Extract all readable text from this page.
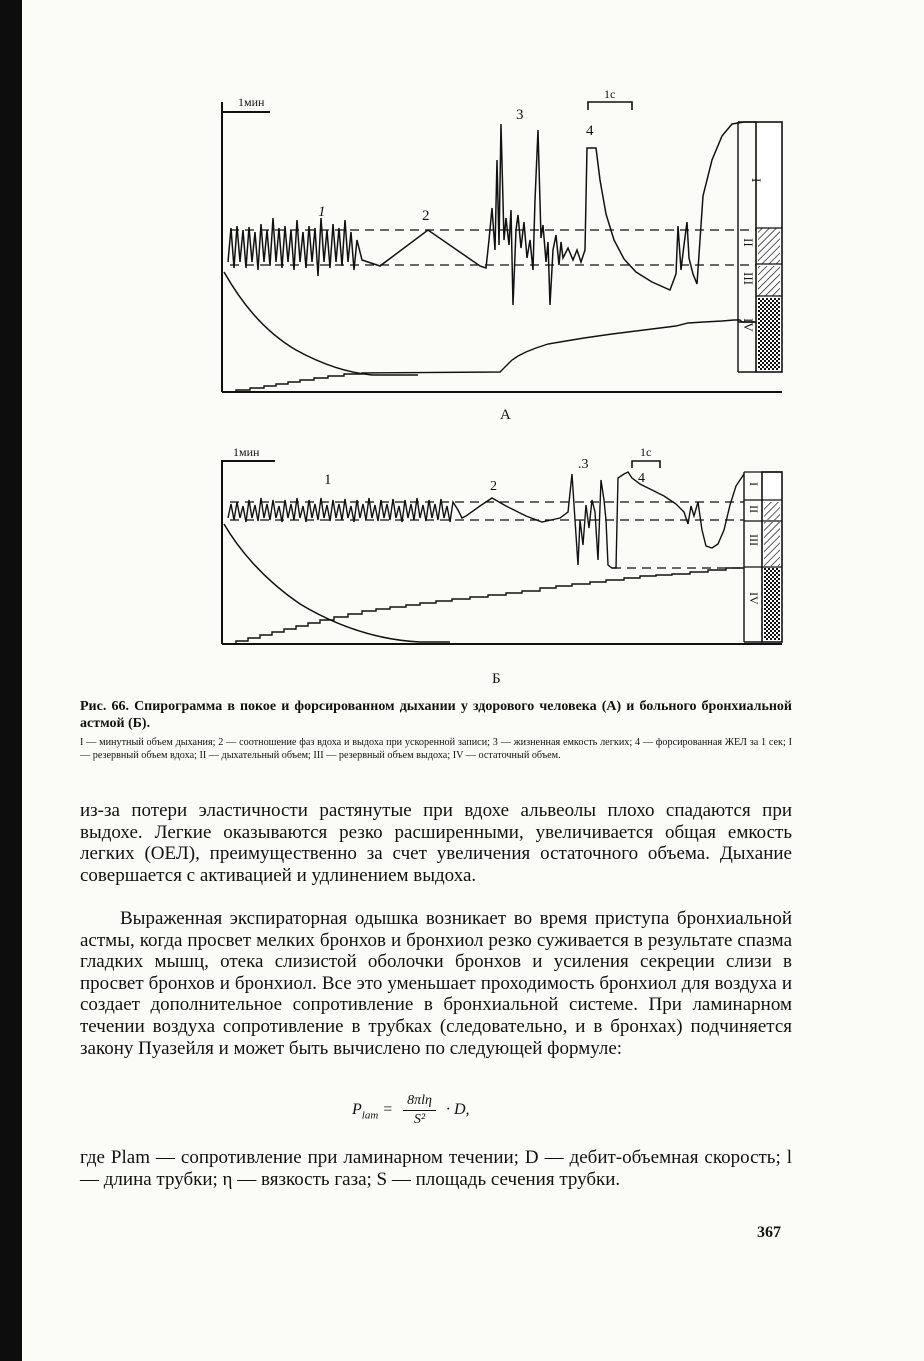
1мин
1с
I
II
III
IV
1	2
3
4
1мин	1с
I
II
III
IV
1	2
.3
4
А
Б
Рис. 66. Спирограмма в покое и форсированном дыхании у здорового человека (А) и больного бронхиальной астмой (Б).
I — минутный объем дыхания; 2 — соотношение фаз вдоха и выдоха при ускоренной записи; 3 — жизненная емкость легких; 4 — форсированная ЖЕЛ за 1 сек; I — резервный объем вдоха; II — дыхательный объем; III — резервный объем выдоха; IV — остаточный объем.
из-за потери эластичности растянутые при вдохе альвеолы плохо спадаются при выдохе. Легкие оказываются резко расширенными, увеличивается общая емкость легких (ОЕЛ), преимущественно за счет увеличения остаточного объема. Дыхание совершается с активацией и удлинением выдоха.
Выраженная экспираторная одышка возникает во время приступа бронхиальной астмы, когда просвет мелких бронхов и бронхиол резко суживается в результате спазма гладких мышц, отека слизистой оболочки бронхов и усиления секреции слизи в просвет бронхов и бронхиол. Все это уменьшает проходимость бронхиол для воздуха и создает дополнительное сопротивление в бронхиальной системе. При ламинарном течении воздуха сопротивление в трубках (следовательно, и в бронхах) подчиняется закону Пуазейля и может быть вычислено по следующей формуле:
$P_{lam} = \frac{\text{8πlη}}{\text{S²}} \cdot D$,
где Plam — сопротивление при ламинарном течении; D — дебит-объемная скорость; l — длина трубки; η — вязкость газа; S — площадь сечения трубки.
367
